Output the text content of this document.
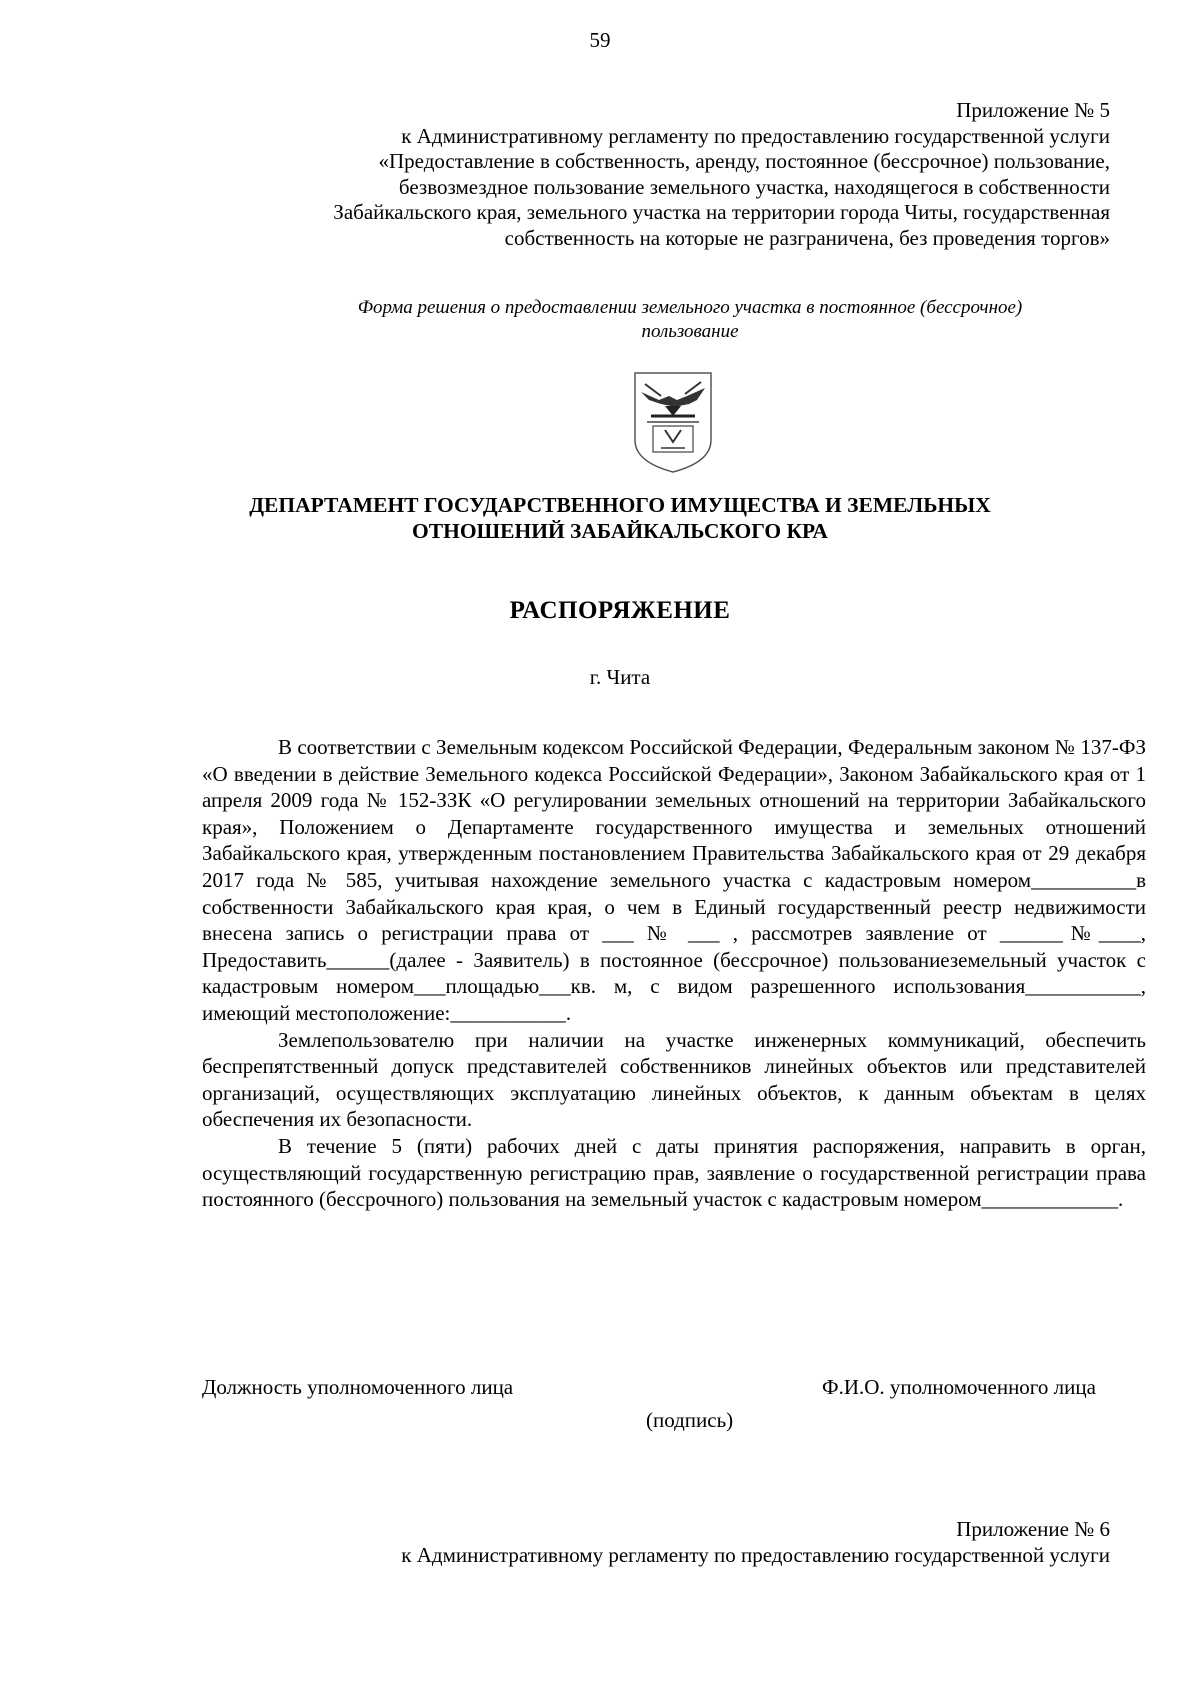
59

Приложение № 5

к Административному регламенту по предоставлению государственной услуги

«Предоставление в собственность, аренду, постоянное (бессрочное) пользование,

безвозмездное пользование земельного участка, находящегося в собственности

Забайкальского края, земельного участка на территории города Читы, государственная

собственность на которые не разграничена, без проведения торгов»

Форма решения о предоставлении земельного участка в постоянное (бессрочное)
пользование
ДЕПАРТАМЕНТ ГОСУДАРСТВЕННОГО ИМУЩЕСТВА И ЗЕМЕЛЬНЫХ
ОТНОШЕНИЙ ЗАБАЙКАЛЬСКОГО КРА
РАСПОРЯЖЕНИЕ
г. Чита

В соответствии с Земельным кодексом Российской Федерации, Федеральным законом № 137-ФЗ «О введении в действие Земельного кодекса Российской Федерации», Законом Забайкальского края от 1 апреля 2009 года № 152-ЗЗК «О регулировании земельных отношений на территории Забайкальского края», Положением о Департаменте государственного имущества и земельных отношений Забайкальского края, утвержденным постановлением Правительства Забайкальского края от 29 декабря 2017 года № 585, учитывая нахождение земельного участка с кадастровым номером__________в собственности Забайкальского края края, о чем в Единый государственный реестр недвижимости внесена запись о регистрации права от ___ № ___ , рассмотрев заявление от ______№____, Предоставить______(далее - Заявитель) в постоянное (бессрочное) пользованиеземельный участок с кадастровым номером___площадью___кв. м, с видом разрешенного использования___________, имеющий местоположение:___________.

Землепользователю при наличии на участке инженерных коммуникаций, обеспечить беспрепятственный допуск представителей собственников линейных объектов или представителей организаций, осуществляющих эксплуатацию линейных объектов, к данным объектам в целях обеспечения их безопасности.

В течение 5 (пяти) рабочих дней с даты принятия распоряжения, направить в орган, осуществляющий государственную регистрацию прав, заявление о государственной регистрации права постоянного (бессрочного) пользования на земельный участок с кадастровым номером_____________.

Должность уполномоченного лица	Ф.И.О. уполномоченного лица
(подпись)

Приложение № 6

к Административному регламенту по предоставлению государственной услуги
